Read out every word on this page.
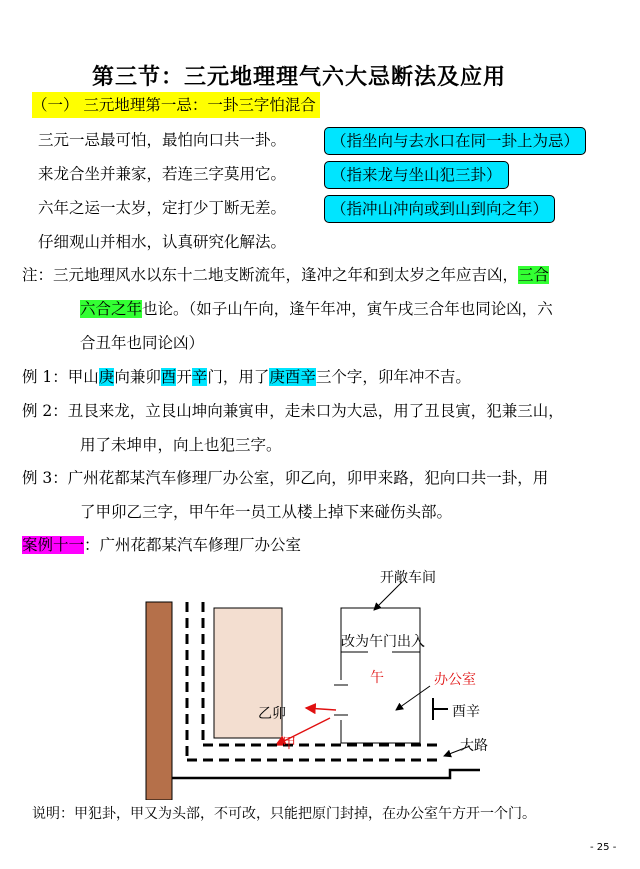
第三节：三元地理理气六大忌断法及应用
（一） 三元地理第一忌：一卦三字怕混合
三元一忌最可怕，最怕向口共一卦。	（指坐向与去水口在同一卦上为忌）
来龙合坐并兼家，若连三字莫用它。	（指来龙与坐山犯三卦）
六年之运一太岁，定打少丁断无差。	（指冲山冲向或到山到向之年）
仔细观山并相水，认真研究化解法。
注：三元地理风水以东十二地支断流年，逢冲之年和到太岁之年应吉凶，三合
六合之年也论。（如子山午向，逢午年冲，寅午戌三合年也同论凶，六
合丑年也同论凶）
例 1：甲山庚向兼卯酉开辛门，用了庚酉辛三个字，卯年冲不吉。
例 2：丑艮来龙，立艮山坤向兼寅申，走未口为大忌，用了丑艮寅，犯兼三山，
用了未坤申，向上也犯三字。
例 3：广州花都某汽车修理厂办公室，卯乙向，卯甲来路，犯向口共一卦，用
了甲卯乙三字，甲午年一员工从楼上掉下来碰伤头部。
案例十一：广州花都某汽车修理厂办公室
开敞车间
改为午门出入
午	办公室
乙卯	酉辛
甲	大路
说明：甲犯卦，甲又为头部，不可改，只能把原门封掉，在办公室午方开一个门。
- 25 -
